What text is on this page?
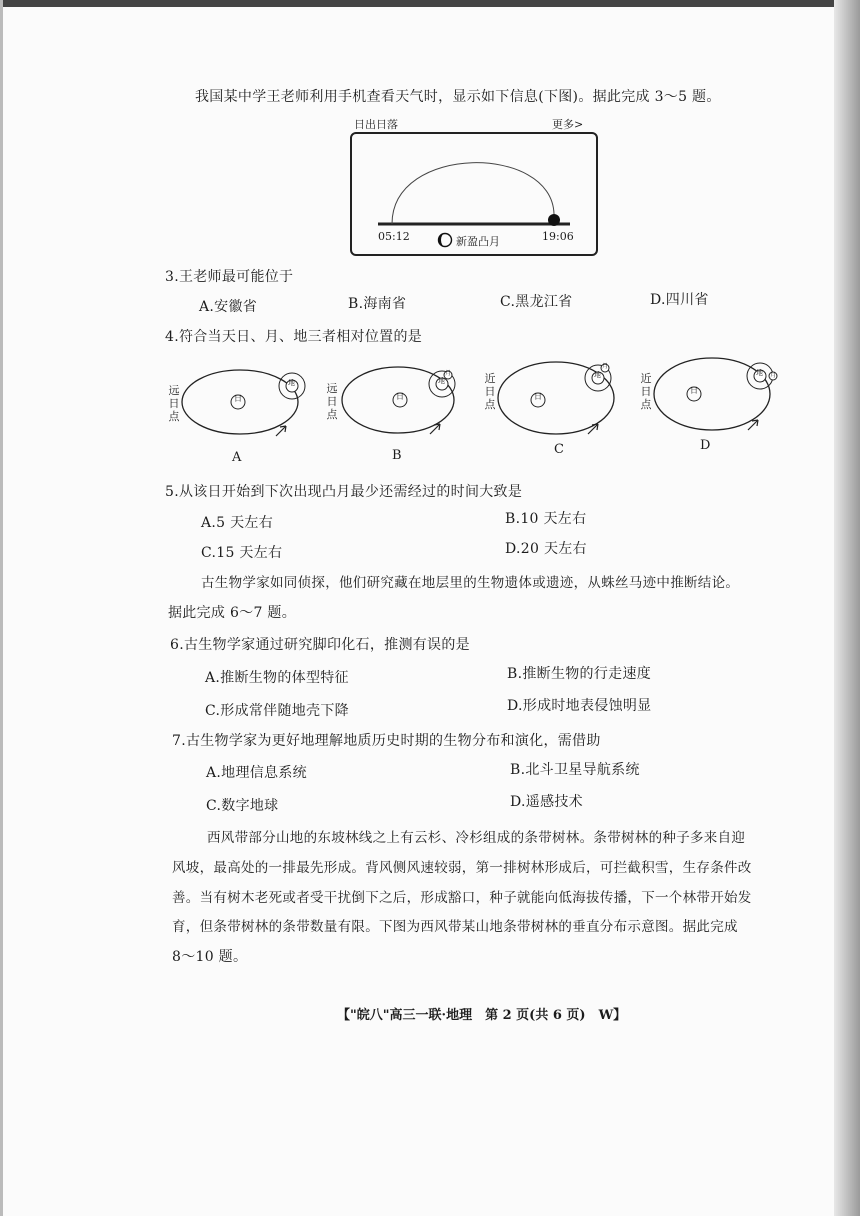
我国某中学王老师利用手机查看天气时，显示如下信息(下图)。据此完成 3～5 题。
日出日落	更多>
05:12	新盈凸月	19:06
3.王老师最可能位于
A.安徽省	B.海南省	C.黑龙江省	D.四川省
4.符合当天日、月、地三者相对位置的是
远日点
日
地
A
远日点
日
地
月
B
近日点
日
地
月
C
近日点
日
地 月
D
5.从该日开始到下次出现凸月最少还需经过的时间大致是
A.5 天左右	B.10 天左右
C.15 天左右	D.20 天左右
古生物学家如同侦探，他们研究藏在地层里的生物遗体或遗迹，从蛛丝马迹中推断结论。
据此完成 6～7 题。
6.古生物学家通过研究脚印化石，推测有误的是
A.推断生物的体型特征	B.推断生物的行走速度
C.形成常伴随地壳下降	D.形成时地表侵蚀明显
7.古生物学家为更好地理解地质历史时期的生物分布和演化，需借助
A.地理信息系统	B.北斗卫星导航系统
C.数字地球	D.遥感技术
西风带部分山地的东坡林线之上有云杉、冷杉组成的条带树林。条带树林的种子多来自迎
风坡，最高处的一排最先形成。背风侧风速较弱，第一排树林形成后，可拦截积雪，生存条件改
善。当有树木老死或者受干扰倒下之后，形成豁口，种子就能向低海拔传播，下一个林带开始发
育，但条带树林的条带数量有限。下图为西风带某山地条带树林的垂直分布示意图。据此完成
8～10 题。
【"皖八"高三一联·地理　第 2 页(共 6 页)　W】
